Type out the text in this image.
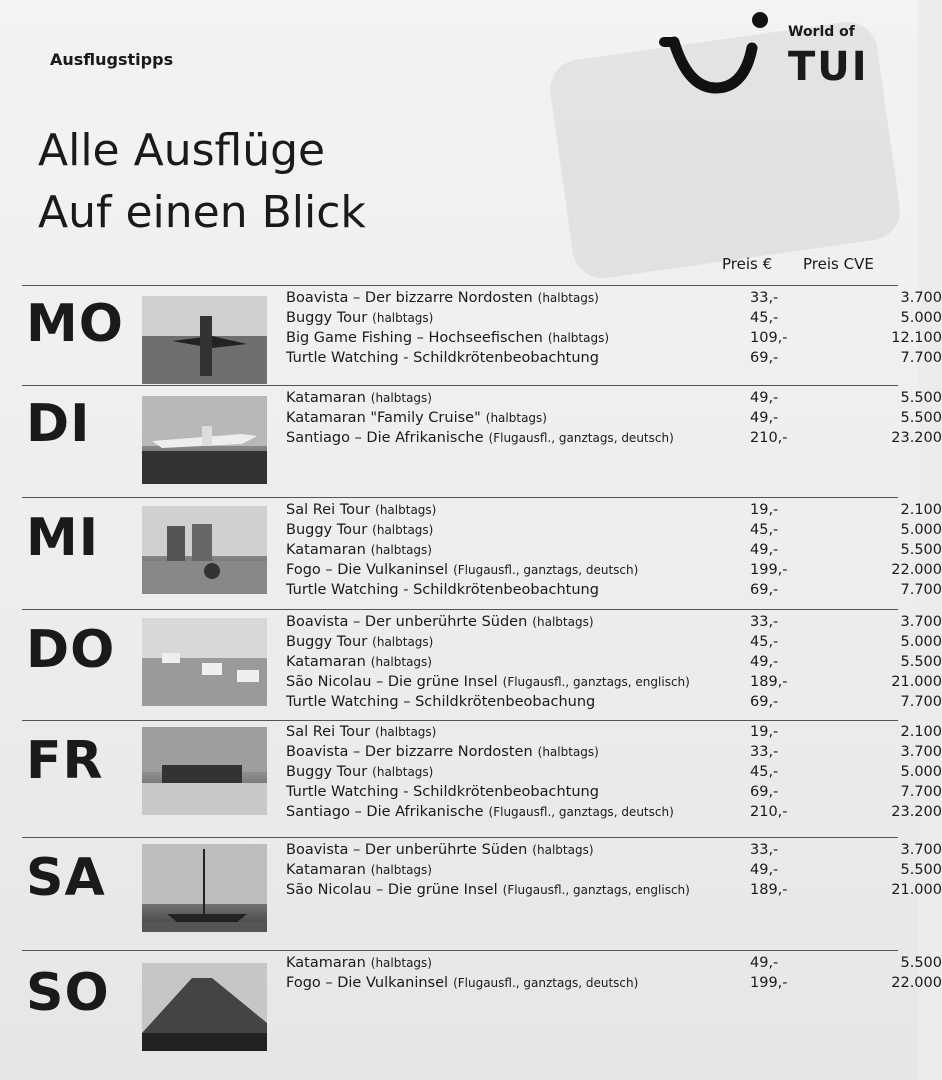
Ausflugstipps
World of
TUI
Alle Ausflüge
Auf einen Blick
Preis € Preis CVE
MO	Boavista – Der bizzarre Nordosten (halbtags)	33,-	3.700
Buggy Tour (halbtags)	45,-	5.000
Big Game Fishing – Hochseefischen (halbtags)	109,-	12.100
Turtle Watching - Schildkrötenbeobachtung	69,-	7.700
DI	Katamaran (halbtags)	49,-	5.500
Katamaran "Family Cruise" (halbtags)	49,-	5.500
Santiago – Die Afrikanische (Flugausfl., ganztags, deutsch)	210,-	23.200
MI	Sal Rei Tour (halbtags)	19,-	2.100
Buggy Tour (halbtags)	45,-	5.000
Katamaran (halbtags)	49,-	5.500
Fogo – Die Vulkaninsel (Flugausfl., ganztags, deutsch)	199,-	22.000
Turtle Watching - Schildkrötenbeobachtung	69,-	7.700
DO	Boavista – Der unberührte Süden (halbtags)	33,-	3.700
Buggy Tour (halbtags)	45,-	5.000
Katamaran (halbtags)	49,-	5.500
São Nicolau – Die grüne Insel (Flugausfl., ganztags, englisch)	189,-	21.000
Turtle Watching – Schildkrötenbeobachung	69,-	7.700
FR	Sal Rei Tour (halbtags)	19,-	2.100
Boavista – Der bizzarre Nordosten (halbtags)	33,-	3.700
Buggy Tour (halbtags)	45,-	5.000
Turtle Watching - Schildkrötenbeobachtung	69,-	7.700
Santiago – Die Afrikanische (Flugausfl., ganztags, deutsch)	210,-	23.200
SA	Boavista – Der unberührte Süden (halbtags)	33,-	3.700
Katamaran (halbtags)	49,-	5.500
São Nicolau – Die grüne Insel (Flugausfl., ganztags, englisch)	189,-	21.000
SO	Katamaran (halbtags)	49,-	5.500
Fogo – Die Vulkaninsel (Flugausfl., ganztags, deutsch)	199,-	22.000
